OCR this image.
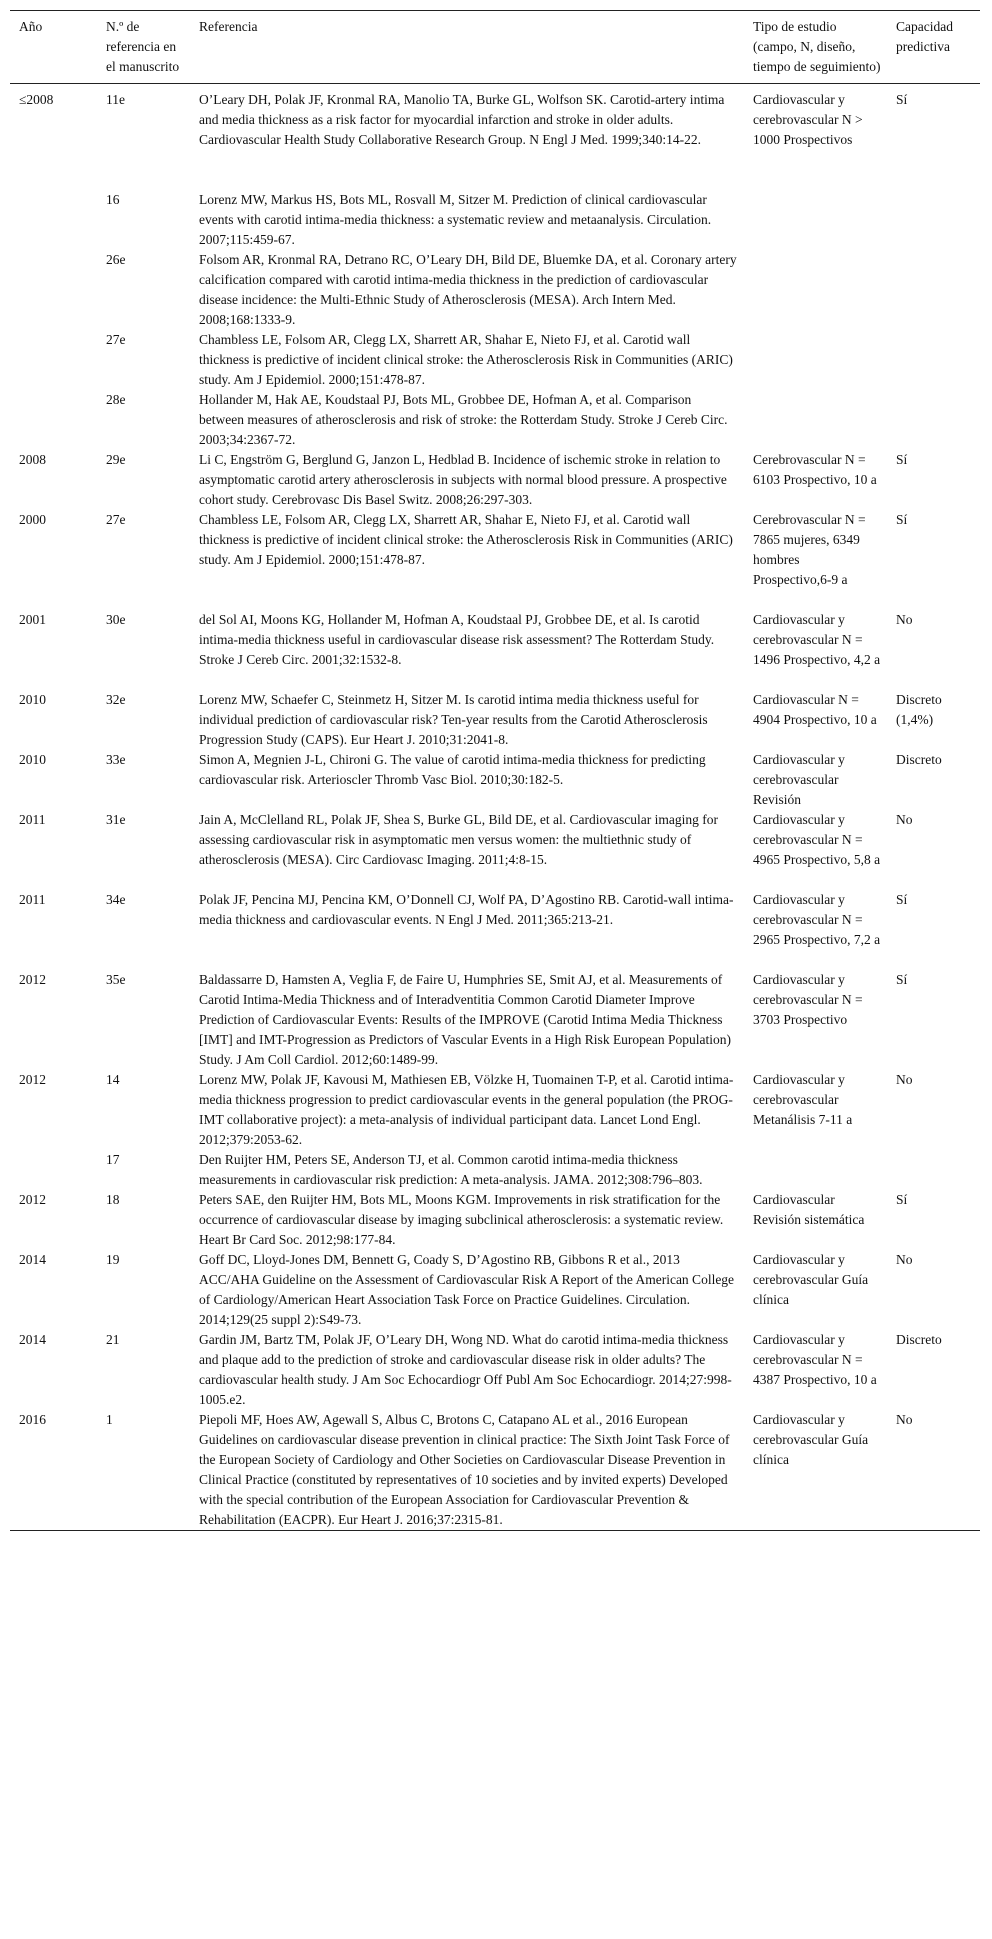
Año	N.º de referencia en el manuscrito	Referencia	Tipo de estudio (campo, N, diseño, tiempo de seguimiento)	Capacidad predictiva
≤2008	11e	O’Leary DH, Polak JF, Kronmal RA, Manolio TA, Burke GL, Wolfson SK. Carotid-artery intima and media thickness as a risk factor for myocardial infarction and stroke in older adults. Cardiovascular Health Study Collaborative Research Group. N Engl J Med. 1999;340:14-22.	Cardiovascular y cerebrovascular N > 1000 Prospectivos	Sí
	16	Lorenz MW, Markus HS, Bots ML, Rosvall M, Sitzer M. Prediction of clinical cardiovascular events with carotid intima-media thickness: a systematic review and metaanalysis. Circulation. 2007;115:459-67.		
	26e	Folsom AR, Kronmal RA, Detrano RC, O’Leary DH, Bild DE, Bluemke DA, et al. Coronary artery calcification compared with carotid intima-media thickness in the prediction of cardiovascular disease incidence: the Multi-Ethnic Study of Atherosclerosis (MESA). Arch Intern Med. 2008;168:1333-9.		
	27e	Chambless LE, Folsom AR, Clegg LX, Sharrett AR, Shahar E, Nieto FJ, et al. Carotid wall thickness is predictive of incident clinical stroke: the Atherosclerosis Risk in Communities (ARIC) study. Am J Epidemiol. 2000;151:478-87.		
	28e	Hollander M, Hak AE, Koudstaal PJ, Bots ML, Grobbee DE, Hofman A, et al. Comparison between measures of atherosclerosis and risk of stroke: the Rotterdam Study. Stroke J Cereb Circ. 2003;34:2367-72.		
2008	29e	Li C, Engström G, Berglund G, Janzon L, Hedblad B. Incidence of ischemic stroke in relation to asymptomatic carotid artery atherosclerosis in subjects with normal blood pressure. A prospective cohort study. Cerebrovasc Dis Basel Switz. 2008;26:297-303.	Cerebrovascular N = 6103 Prospectivo, 10 a	Sí
2000	27e	Chambless LE, Folsom AR, Clegg LX, Sharrett AR, Shahar E, Nieto FJ, et al. Carotid wall thickness is predictive of incident clinical stroke: the Atherosclerosis Risk in Communities (ARIC) study. Am J Epidemiol. 2000;151:478-87.	Cerebrovascular N = 7865 mujeres, 6349 hombres Prospectivo,6-9 a	Sí
2001	30e	del Sol AI, Moons KG, Hollander M, Hofman A, Koudstaal PJ, Grobbee DE, et al. Is carotid intima-media thickness useful in cardiovascular disease risk assessment? The Rotterdam Study. Stroke J Cereb Circ. 2001;32:1532-8.	Cardiovascular y cerebrovascular N = 1496 Prospectivo, 4,2 a	No
2010	32e	Lorenz MW, Schaefer C, Steinmetz H, Sitzer M. Is carotid intima media thickness useful for individual prediction of cardiovascular risk? Ten-year results from the Carotid Atherosclerosis Progression Study (CAPS). Eur Heart J. 2010;31:2041-8.	Cardiovascular N = 4904 Prospectivo, 10 a	Discreto (1,4%)
2010	33e	Simon A, Megnien J-L, Chironi G. The value of carotid intima-media thickness for predicting cardiovascular risk. Arterioscler Thromb Vasc Biol. 2010;30:182-5.	Cardiovascular y cerebrovascular Revisión	Discreto
2011	31e	Jain A, McClelland RL, Polak JF, Shea S, Burke GL, Bild DE, et al. Cardiovascular imaging for assessing cardiovascular risk in asymptomatic men versus women: the multiethnic study of atherosclerosis (MESA). Circ Cardiovasc Imaging. 2011;4:8-15.	Cardiovascular y cerebrovascular N = 4965 Prospectivo, 5,8 a	No
2011	34e	Polak JF, Pencina MJ, Pencina KM, O’Donnell CJ, Wolf PA, D’Agostino RB. Carotid-wall intima-media thickness and cardiovascular events. N Engl J Med. 2011;365:213-21.	Cardiovascular y cerebrovascular N = 2965 Prospectivo, 7,2 a	Sí
2012	35e	Baldassarre D, Hamsten A, Veglia F, de Faire U, Humphries SE, Smit AJ, et al. Measurements of Carotid Intima-Media Thickness and of Interadventitia Common Carotid Diameter Improve Prediction of Cardiovascular Events: Results of the IMPROVE (Carotid Intima Media Thickness [IMT] and IMT-Progression as Predictors of Vascular Events in a High Risk European Population) Study. J Am Coll Cardiol. 2012;60:1489-99.	Cardiovascular y cerebrovascular N = 3703 Prospectivo	Sí
2012	14	Lorenz MW, Polak JF, Kavousi M, Mathiesen EB, Völzke H, Tuomainen T-P, et al. Carotid intima-media thickness progression to predict cardiovascular events in the general population (the PROG-IMT collaborative project): a meta-analysis of individual participant data. Lancet Lond Engl. 2012;379:2053-62.	Cardiovascular y cerebrovascular Metanálisis 7-11 a	No
	17	Den Ruijter HM, Peters SE, Anderson TJ, et al. Common carotid intima-media thickness measurements in cardiovascular risk prediction: A meta-analysis. JAMA. 2012;308:796–803.		
2012	18	Peters SAE, den Ruijter HM, Bots ML, Moons KGM. Improvements in risk stratification for the occurrence of cardiovascular disease by imaging subclinical atherosclerosis: a systematic review. Heart Br Card Soc. 2012;98:177-84.	Cardiovascular Revisión sistemática	Sí
2014	19	Goff DC, Lloyd-Jones DM, Bennett G, Coady S, D’Agostino RB, Gibbons R et al., 2013 ACC/AHA Guideline on the Assessment of Cardiovascular Risk A Report of the American College of Cardiology/American Heart Association Task Force on Practice Guidelines. Circulation. 2014;129(25 suppl 2):S49-73.	Cardiovascular y cerebrovascular Guía clínica	No
2014	21	Gardin JM, Bartz TM, Polak JF, O’Leary DH, Wong ND. What do carotid intima-media thickness and plaque add to the prediction of stroke and cardiovascular disease risk in older adults? The cardiovascular health study. J Am Soc Echocardiogr Off Publ Am Soc Echocardiogr. 2014;27:998-1005.e2.	Cardiovascular y cerebrovascular N = 4387 Prospectivo, 10 a	Discreto
2016	1	Piepoli MF, Hoes AW, Agewall S, Albus C, Brotons C, Catapano AL et al., 2016 European Guidelines on cardiovascular disease prevention in clinical practice: The Sixth Joint Task Force of the European Society of Cardiology and Other Societies on Cardiovascular Disease Prevention in Clinical Practice (constituted by representatives of 10 societies and by invited experts) Developed with the special contribution of the European Association for Cardiovascular Prevention & Rehabilitation (EACPR). Eur Heart J. 2016;37:2315-81.	Cardiovascular y cerebrovascular Guía clínica	No
